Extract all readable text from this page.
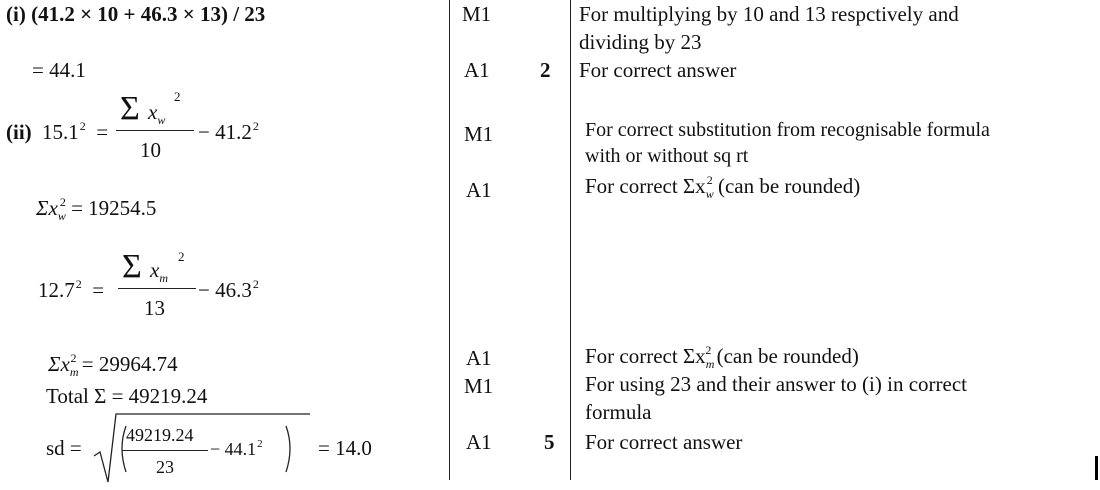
(i) (41.2 × 10 + 46.3 × 13) / 23
= 44.1
(ii) 15.1$^2$  =
Σ $x_w$
2
10
− $41.2^2$
$\Sigma x_w^2 = 19254.5$
12.7$^2$  =
Σ $x_m$
2
13
− $46.3^2$
$\Sigma x_m^2 = 29964.74$
Total Σ = 49219.24
sd =
49219.24
23
− $44.1^2$	= 14.0
M1
A1 2
M1
A1
A1
M1
A1 5
For multiplying by 10 and 13 respctively and
dividing by 23
For correct answer
For correct substitution from recognisable formula
with or without sq rt
For correct $\Sigma x_w^2$ (can be rounded)
For correct $\Sigma x_m^2$ (can be rounded)
For using 23 and their answer to (i) in correct
formula
For correct answer
